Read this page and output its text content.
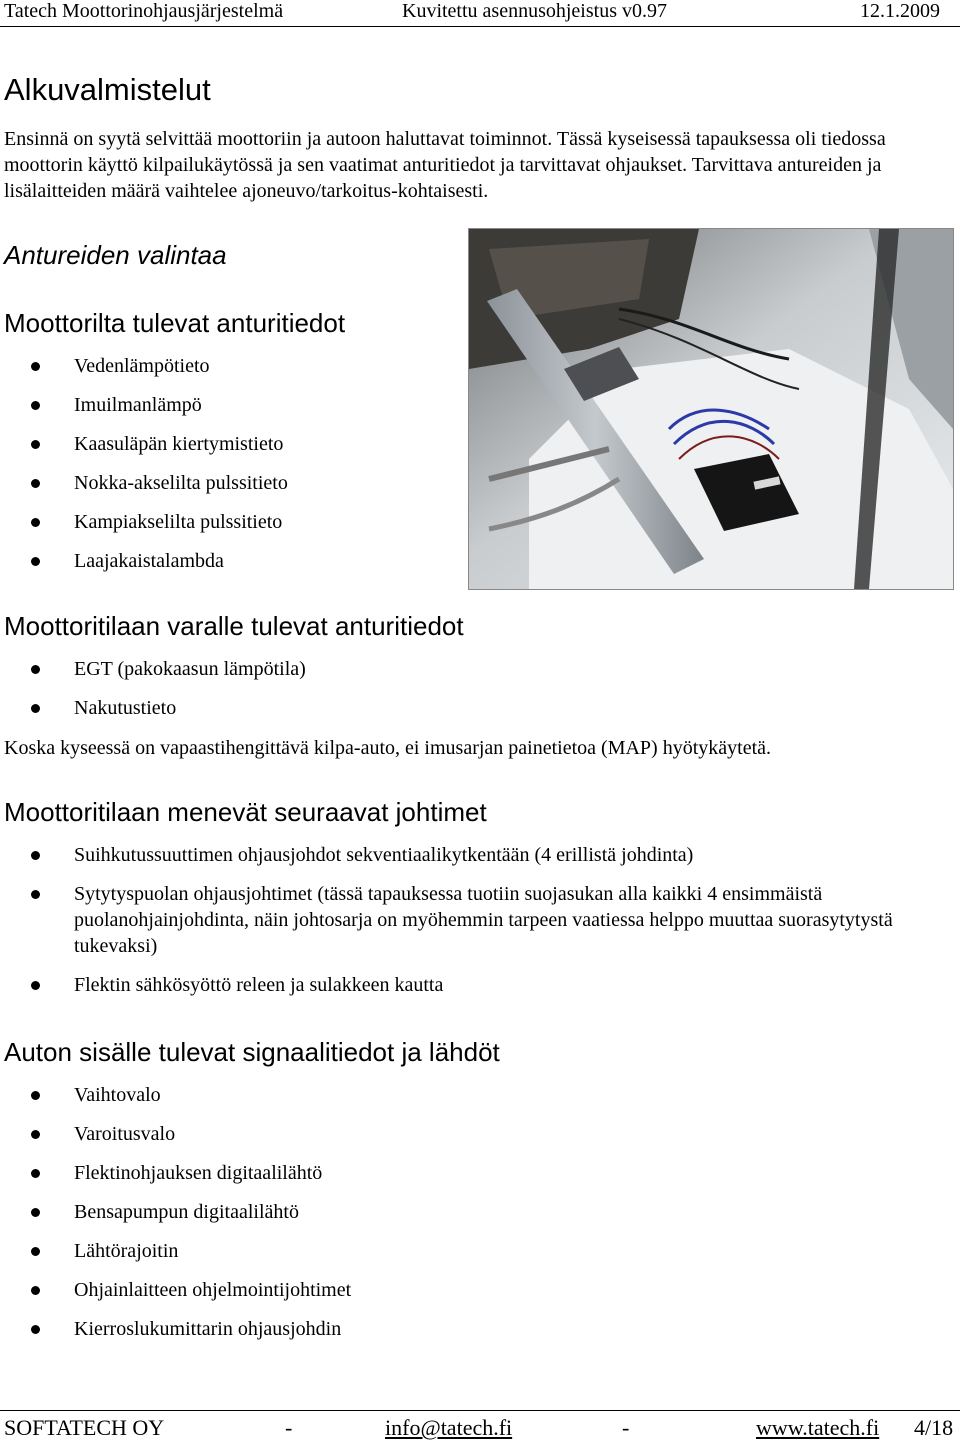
Tatech Moottorinohjausjärjestelmä	Kuvitettu asennusohjeistus v0.97	12.1.2009
Alkuvalmistelut

Ensinnä on syytä selvittää moottoriin ja autoon haluttavat toiminnot. Tässä kyseisessä tapauksessa oli tiedossa moottorin käyttö kilpailukäytössä ja sen vaatimat anturitiedot ja tarvittavat ohjaukset. Tarvittava antureiden ja lisälaitteiden määrä vaihtelee ajoneuvo/tarkoitus-kohtaisesti.

Antureiden valintaa
Moottorilta tulevat anturitiedot
Vedenlämpötieto
Imuilmanlämpö
Kaasuläpän kiertymistieto
Nokka-akselilta pulssitieto
Kampiakselilta pulssitieto
Laajakaistalambda
Moottoritilaan varalle tulevat anturitiedot
EGT (pakokaasun lämpötila)
Nakutustieto

Koska kyseessä on vapaastihengittävä kilpa-auto, ei imusarjan painetietoa (MAP) hyötykäytetä.

Moottoritilaan menevät seuraavat johtimet
Suihkutussuuttimen ohjausjohdot sekventiaalikytkentään (4 erillistä johdinta)
Sytytyspuolan ohjausjohtimet (tässä tapauksessa tuotiin suojasukan alla kaikki 4 ensimmäistä puolanohjainjohdinta, näin johtosarja on myöhemmin tarpeen vaatiessa helppo muuttaa suorasytytystä tukevaksi)
Flektin sähkösyöttö releen ja sulakkeen kautta
Auton sisälle tulevat signaalitiedot ja lähdöt
Vaihtovalo
Varoitusvalo
Flektinohjauksen digitaalilähtö
Bensapumpun digitaalilähtö
Lähtörajoitin
Ohjainlaitteen ohjelmointijohtimet
Kierroslukumittarin ohjausjohdin
SOFTATECH OY	-	info@tatech.fi	-	www.tatech.fi 4/18
